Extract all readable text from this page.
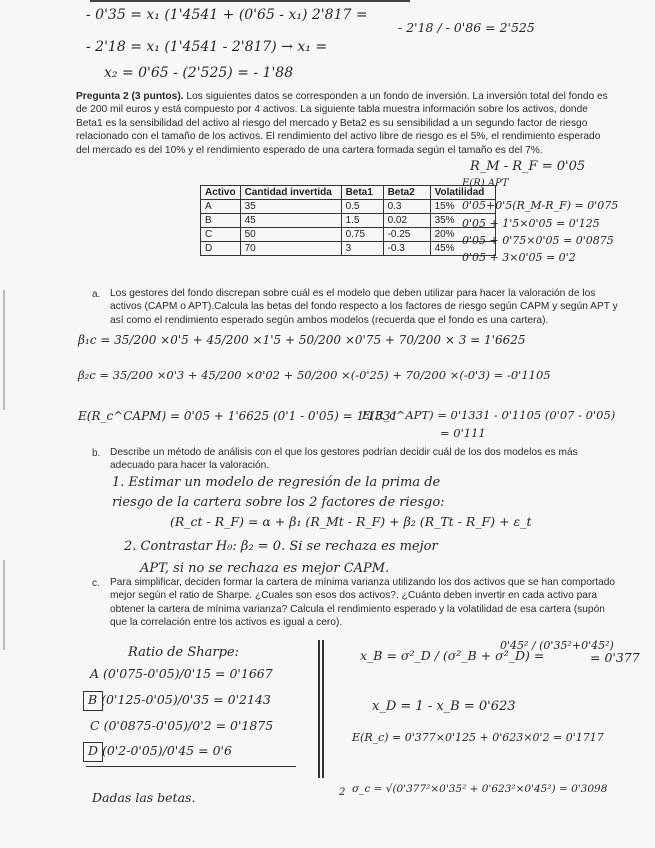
- 0'35 = x₁ (1'4541 + (0'65 - x₁) 2'817 =
- 2'18 / - 0'86 = 2'525
- 2'18 = x₁ (1'4541 - 2'817) → x₁ =
x₂ = 0'65 - (2'525) = - 1'88
Pregunta 2 (3 puntos). Los siguientes datos se corresponden a un fondo de inversión. La inversión total del fondo es de 200 mil euros y está compuesto por 4 activos. La siguiente tabla muestra información sobre los activos, donde Beta1 es la sensibilidad del activo al riesgo del mercado y Beta2 es su sensibilidad a un segundo factor de riesgo relacionado con el tamaño de los activos. El rendimiento del activo libre de riesgo es el 5%, el rendimiento esperado del mercado es del 10% y el rendimiento esperado de una cartera formada según el tamaño es del 7%.
R_M - R_F = 0'05
Activo	Cantidad invertida	Beta1	Beta2	Volatilidad
A	35	0.5	0.3	15%
B	45	1.5	0.02	35%
C	50	0.75	-0.25	20%
D	70	3	-0.3	45%
E(R) APT
0'05+0'5(R_M-R_F) = 0'075
0'05 + 1'5×0'05 = 0'125
0'05 + 0'75×0'05 = 0'0875
0'05 + 3×0'05 = 0'2
a. Los gestores del fondo discrepan sobre cuál es el modelo que deben utilizar para hacer la valoración de los activos (CAPM o APT).Calcula las betas del fondo respecto a los factores de riesgo según CAPM y según APT y así como el rendimiento esperado según ambos modelos (recuerda que el fondo es una cartera).
β₁c = 35/200 ×0'5 + 45/200 ×1'5 + 50/200 ×0'75 + 70/200 × 3 = 1'6625
β₂c = 35/200 ×0'3 + 45/200 ×0'02 + 50/200 ×(-0'25) + 70/200 ×(-0'3) = -0'1105
E(R_c^CAPM) = 0'05 + 1'6625 (0'1 - 0'05) = 1'1331
E(R_c^APT) = 0'1331 - 0'1105 (0'07 - 0'05)
= 0'111
b. Describe un método de análisis con el que los gestores podrían decidir cuál de los dos modelos es más adecuado para hacer la valoración.
1. Estimar un modelo de regresión de la prima de
riesgo de la cartera sobre los 2 factores de riesgo:
(R_ct - R_F) = α + β₁ (R_Mt - R_F) + β₂ (R_Tt - R_F) + ε_t
2. Contrastar H₀: β₂ = 0. Si se rechaza es mejor
APT, si no se rechaza es mejor CAPM.
c. Para simplificar, deciden formar la cartera de mínima varianza utilizando los dos activos que se han comportado mejor según el ratio de Sharpe. ¿Cuales son esos dos activos?. ¿Cuánto deben invertir en cada activo para obtener la cartera de mínima varianza? Calcula el rendimiento esperado y la volatilidad de esa cartera (supón que la correlación entre los activos es igual a cero).
Ratio de Sharpe:
A (0'075-0'05)/0'15 = 0'1667
B (0'125-0'05)/0'35 = 0'2143
C (0'0875-0'05)/0'2 = 0'1875
D (0'2-0'05)/0'45 = 0'6
Dadas las betas.
x_B = σ²_D / (σ²_B + σ²_D) =
0'45² / (0'35²+0'45²)
= 0'377
x_D = 1 - x_B = 0'623
E(R_c) = 0'377×0'125 + 0'623×0'2 = 0'1717
2 σ_c = √(0'377²×0'35² + 0'623²×0'45²) = 0'3098
